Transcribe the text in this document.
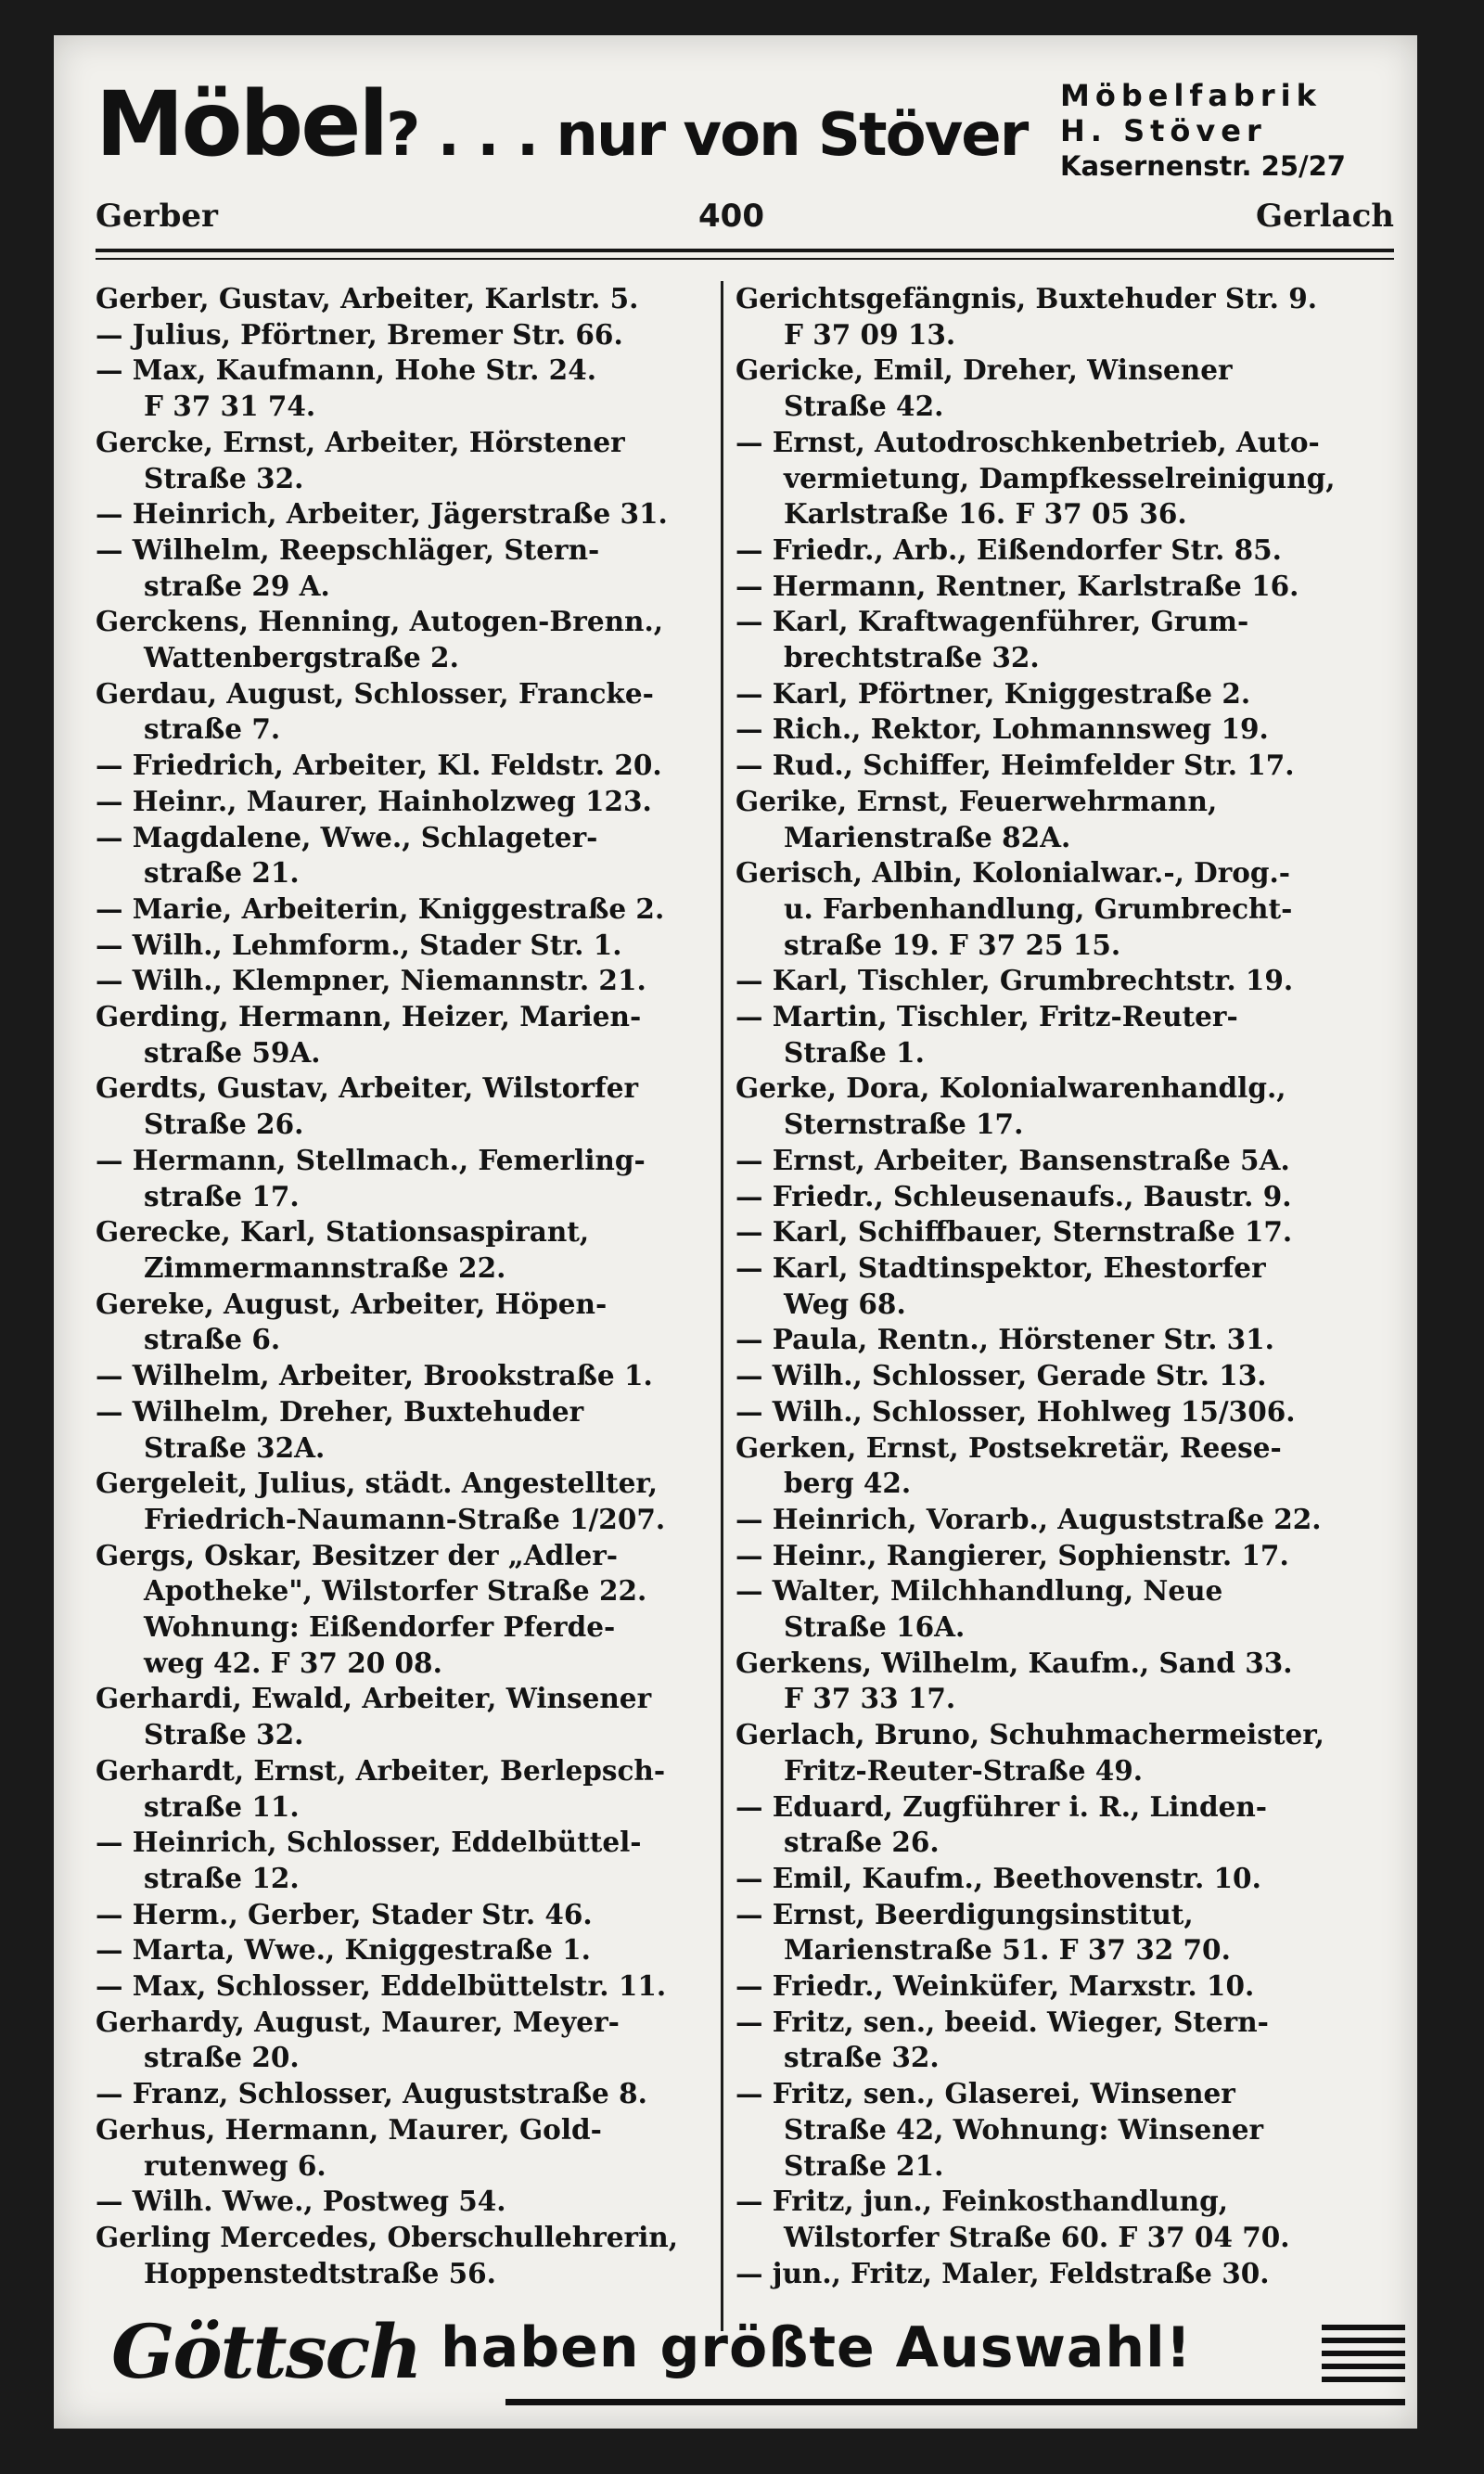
Möbel? . . . nur von Stöver
Möbelfabrik
H. Stöver
Kasernenstr. 25/27
Gerber	400	Gerlach
Gerber, Gustav, Arbeiter, Karlstr. 5.
— Julius, Pförtner, Bremer Str. 66.
— Max, Kaufmann, Hohe Str. 24.
F 37 31 74.
Gercke, Ernst, Arbeiter, Hörstener
Straße 32.
— Heinrich, Arbeiter, Jägerstraße 31.
— Wilhelm, Reepschläger, Stern-
straße 29 A.
Gerckens, Henning, Autogen-Brenn.,
Wattenbergstraße 2.
Gerdau, August, Schlosser, Francke-
straße 7.
— Friedrich, Arbeiter, Kl. Feldstr. 20.
— Heinr., Maurer, Hainholzweg 123.
— Magdalene, Wwe., Schlageter-
straße 21.
— Marie, Arbeiterin, Kniggestraße 2.
— Wilh., Lehmform., Stader Str. 1.
— Wilh., Klempner, Niemannstr. 21.
Gerding, Hermann, Heizer, Marien-
straße 59A.
Gerdts, Gustav, Arbeiter, Wilstorfer
Straße 26.
— Hermann, Stellmach., Femerling-
straße 17.
Gerecke, Karl, Stationsaspirant,
Zimmermannstraße 22.
Gereke, August, Arbeiter, Höpen-
straße 6.
— Wilhelm, Arbeiter, Brookstraße 1.
— Wilhelm, Dreher, Buxtehuder
Straße 32A.
Gergeleit, Julius, städt. Angestellter,
Friedrich-Naumann-Straße 1/207.
Gergs, Oskar, Besitzer der „Adler-
Apotheke", Wilstorfer Straße 22.
Wohnung: Eißendorfer Pferde-
weg 42. F 37 20 08.
Gerhardi, Ewald, Arbeiter, Winsener
Straße 32.
Gerhardt, Ernst, Arbeiter, Berlepsch-
straße 11.
— Heinrich, Schlosser, Eddelbüttel-
straße 12.
— Herm., Gerber, Stader Str. 46.
— Marta, Wwe., Kniggestraße 1.
— Max, Schlosser, Eddelbüttelstr. 11.
Gerhardy, August, Maurer, Meyer-
straße 20.
— Franz, Schlosser, Auguststraße 8.
Gerhus, Hermann, Maurer, Gold-
rutenweg 6.
— Wilh. Wwe., Postweg 54.
Gerling Mercedes, Oberschullehrerin,
Hoppenstedtstraße 56.
Gerichtsgefängnis, Buxtehuder Str. 9.
F 37 09 13.
Gericke, Emil, Dreher, Winsener
Straße 42.
— Ernst, Autodroschkenbetrieb, Auto-
vermietung, Dampfkesselreinigung,
Karlstraße 16. F 37 05 36.
— Friedr., Arb., Eißendorfer Str. 85.
— Hermann, Rentner, Karlstraße 16.
— Karl, Kraftwagenführer, Grum-
brechtstraße 32.
— Karl, Pförtner, Kniggestraße 2.
— Rich., Rektor, Lohmannsweg 19.
— Rud., Schiffer, Heimfelder Str. 17.
Gerike, Ernst, Feuerwehrmann,
Marienstraße 82A.
Gerisch, Albin, Kolonialwar.-, Drog.-
u. Farbenhandlung, Grumbrecht-
straße 19. F 37 25 15.
— Karl, Tischler, Grumbrechtstr. 19.
— Martin, Tischler, Fritz-Reuter-
Straße 1.
Gerke, Dora, Kolonialwarenhandlg.,
Sternstraße 17.
— Ernst, Arbeiter, Bansenstraße 5A.
— Friedr., Schleusenaufs., Baustr. 9.
— Karl, Schiffbauer, Sternstraße 17.
— Karl, Stadtinspektor, Ehestorfer
Weg 68.
— Paula, Rentn., Hörstener Str. 31.
— Wilh., Schlosser, Gerade Str. 13.
— Wilh., Schlosser, Hohlweg 15/306.
Gerken, Ernst, Postsekretär, Reese-
berg 42.
— Heinrich, Vorarb., Auguststraße 22.
— Heinr., Rangierer, Sophienstr. 17.
— Walter, Milchhandlung, Neue
Straße 16A.
Gerkens, Wilhelm, Kaufm., Sand 33.
F 37 33 17.
Gerlach, Bruno, Schuhmachermeister,
Fritz-Reuter-Straße 49.
— Eduard, Zugführer i. R., Linden-
straße 26.
— Emil, Kaufm., Beethovenstr. 10.
— Ernst, Beerdigungsinstitut,
Marienstraße 51. F 37 32 70.
— Friedr., Weinküfer, Marxstr. 10.
— Fritz, sen., beeid. Wieger, Stern-
straße 32.
— Fritz, sen., Glaserei, Winsener
Straße 42, Wohnung: Winsener
Straße 21.
— Fritz, jun., Feinkosthandlung,
Wilstorfer Straße 60. F 37 04 70.
— jun., Fritz, Maler, Feldstraße 30.
Göttsch haben größte Auswahl!
